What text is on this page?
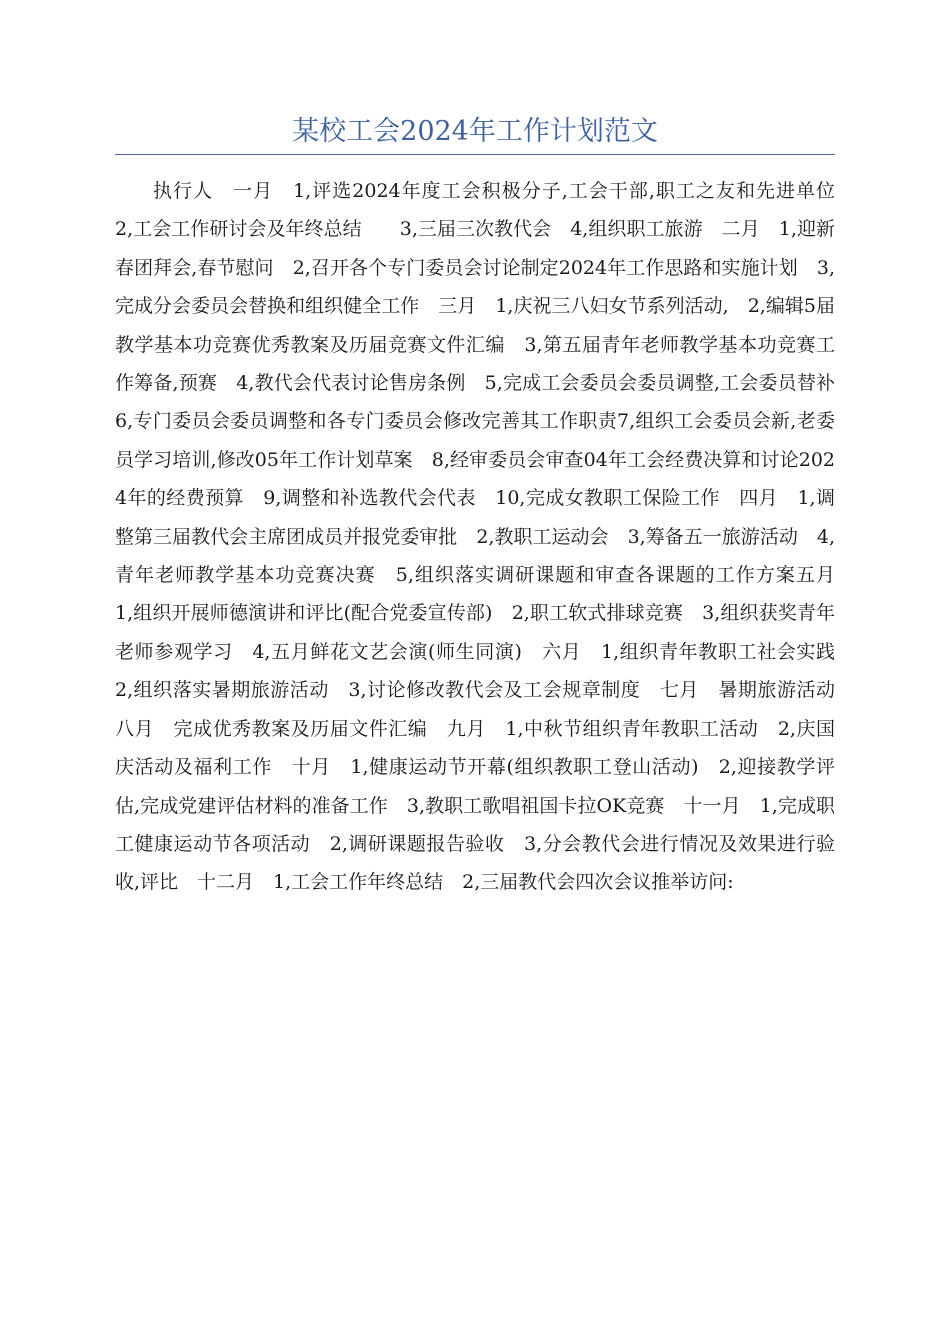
某校工会2024年工作计划范文

执行人　一月　1,评选2024年度工会积极分子,工会干部,职工之友和先进单位　2,工会工作研讨会及年终总结　　3,三届三次教代会　4,组织职工旅游　二月　1,迎新春团拜会,春节慰问　2,召开各个专门委员会讨论制定2024年工作思路和实施计划　3,完成分会委员会替换和组织健全工作　三月　1,庆祝三八妇女节系列活动,　2,编辑5届教学基本功竞赛优秀教案及历届竞赛文件汇编　3,第五届青年老师教学基本功竞赛工作筹备,预赛　4,教代会代表讨论售房条例　5,完成工会委员会委员调整,工会委员替补　6,专门委员会委员调整和各专门委员会修改完善其工作职责7,组织工会委员会新,老委员学习培训,修改05年工作计划草案　8,经审委员会审查04年工会经费决算和讨论2024年的经费预算　9,调整和补选教代会代表　10,完成女教职工保险工作　四月　1,调整第三届教代会主席团成员并报党委审批　2,教职工运动会　3,筹备五一旅游活动　4,青年老师教学基本功竞赛决赛　5,组织落实调研课题和审查各课题的工作方案五月　1,组织开展师德演讲和评比(配合党委宣传部)　2,职工软式排球竞赛　3,组织获奖青年老师参观学习　4,五月鲜花文艺会演(师生同演)　六月　1,组织青年教职工社会实践　2,组织落实暑期旅游活动　3,讨论修改教代会及工会规章制度　七月　暑期旅游活动　八月　完成优秀教案及历届文件汇编　九月　1,中秋节组织青年教职工活动　2,庆国庆活动及福利工作　十月　1,健康运动节开幕(组织教职工登山活动)　2,迎接教学评估,完成党建评估材料的准备工作　3,教职工歌唱祖国卡拉OK竞赛　十一月　1,完成职工健康运动节各项活动　2,调研课题报告验收　3,分会教代会进行情况及效果进行验收,评比　十二月　1,工会工作年终总结　2,三届教代会四次会议推举访问:
